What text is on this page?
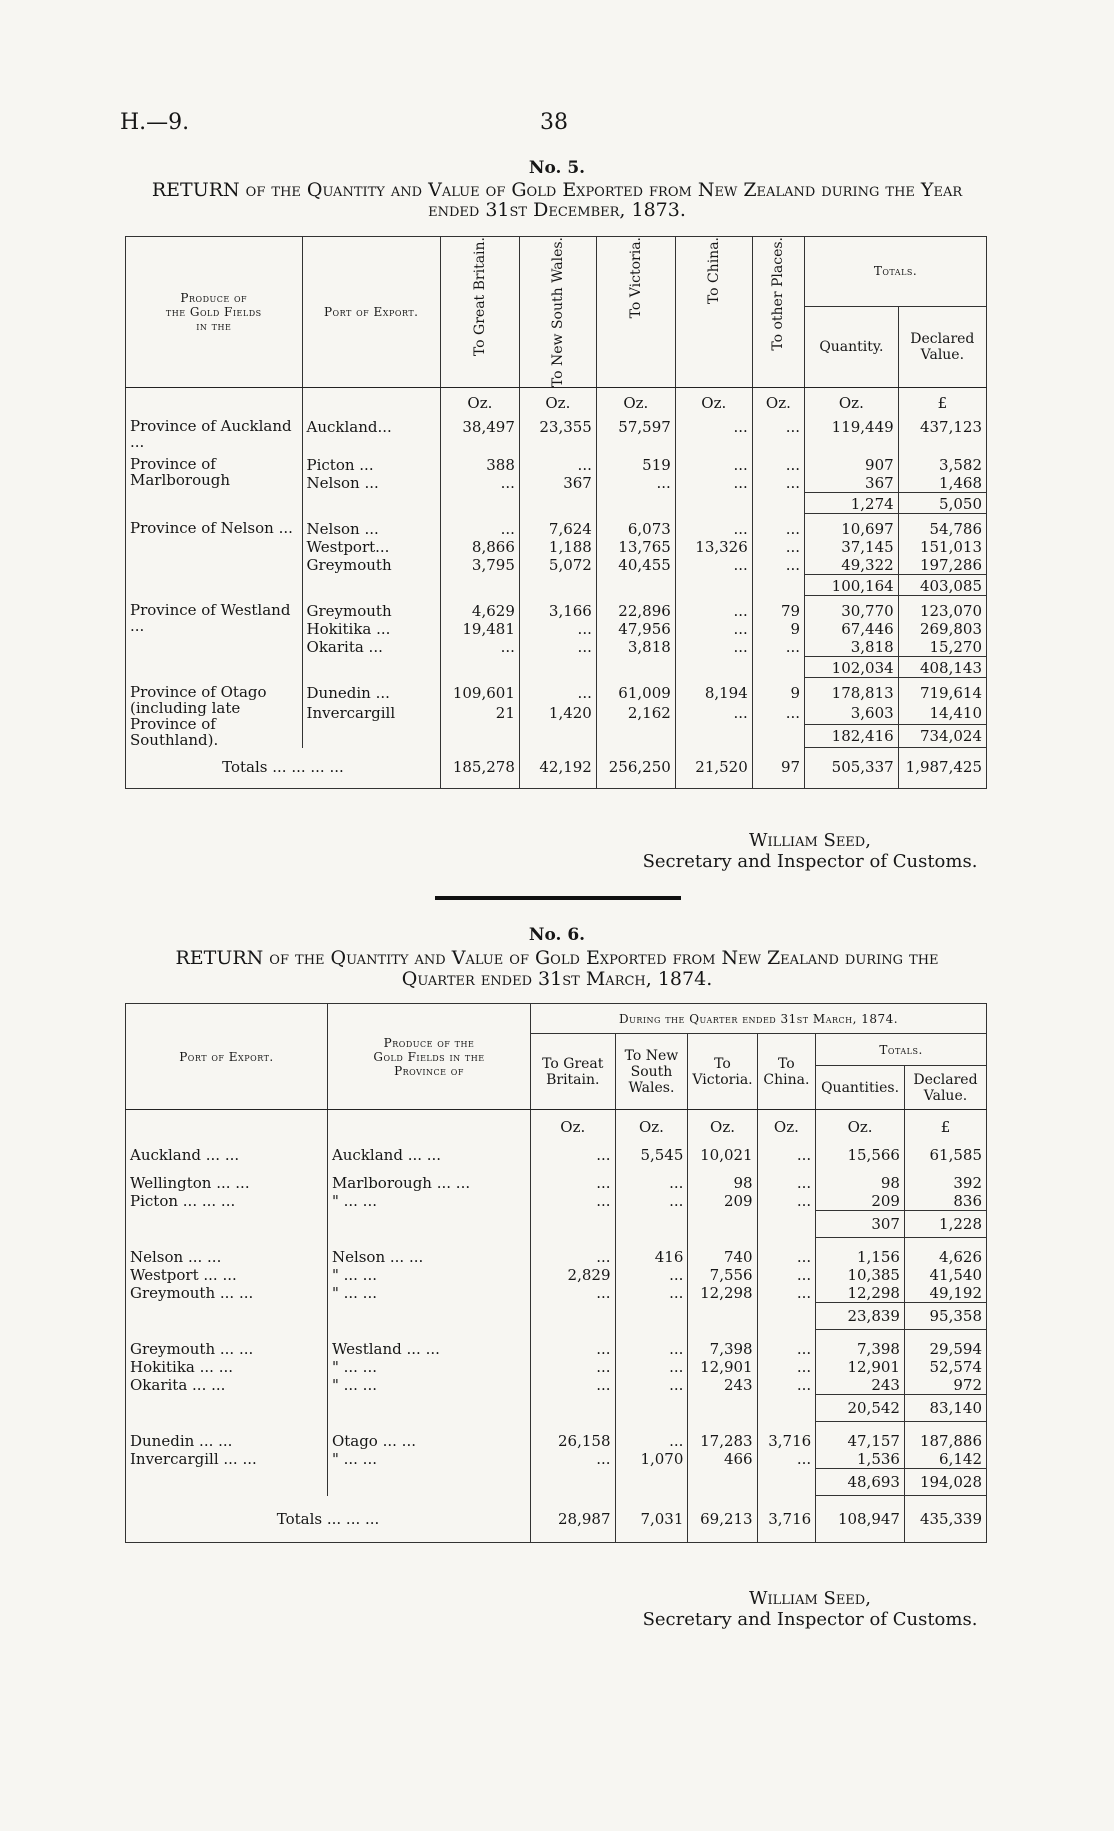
H.—9.	38
No. 5.
RETURN of the Quantity and Value of Gold Exported from New Zealand during the Year
ended 31st December, 1873.
Produce of
the Gold Fields
in the	Port of Export.	To Great Britain.	To New South Wales.	To Victoria.	To China.	To other Places.	Totals.	
							Quantity.	Declared Value.
		Oz.	Oz.	Oz.	Oz.	Oz.	Oz.	£
Province of Auckland ...	Auckland...	38,497	23,355	57,597	...	...	119,449	437,123
Province of Marlborough	Picton ...	388	...	519	...	...	907	3,582
	Nelson ...	...	367	...	...	...	367	1,468
							1,274	5,050
Province of Nelson ...	Nelson ...	...	7,624	6,073	...	...	10,697	54,786
	Westport...	8,866	1,188	13,765	13,326	...	37,145	151,013
	Greymouth	3,795	5,072	40,455	...	...	49,322	197,286
							100,164	403,085
Province of Westland ...	Greymouth	4,629	3,166	22,896	...	79	30,770	123,070
	Hokitika ...	19,481	...	47,956	...	9	67,446	269,803
	Okarita ...	...	...	3,818	...	...	3,818	15,270
							102,034	408,143
Province of Otago (including late Province of Southland).	Dunedin ...	109,601	...	61,009	8,194	9	178,813	719,614
	Invercargill	21	1,420	2,162	...	...	3,603	14,410
							182,416	734,024
Totals ... ... ... ...		185,278	42,192	256,250	21,520	97	505,337	1,987,425
William Seed,
Secretary and Inspector of Customs.
No. 6.
RETURN of the Quantity and Value of Gold Exported from New Zealand during the
Quarter ended 31st March, 1874.
Port of Export.	Produce of the
Gold Fields in the
Province of	During the Quarter ended 31st March, 1874.					
		To Great Britain.	To New South Wales.	To Victoria.	To China.	Totals.	
						Quantities.	Declared Value.
		Oz.	Oz.	Oz.	Oz.	Oz.	£
Auckland ... ...	Auckland ... ...	...	5,545	10,021	...	15,566	61,585
Wellington ... ...	Marlborough ... ...	...	...	98	...	98	392
Picton ... ... ...	" ... ...	...	...	209	...	209	836
						307	1,228
Nelson ... ...	Nelson ... ...	...	416	740	...	1,156	4,626
Westport ... ...	" ... ...	2,829	...	7,556	...	10,385	41,540
Greymouth ... ...	" ... ...	...	...	12,298	...	12,298	49,192
						23,839	95,358
Greymouth ... ...	Westland ... ...	...	...	7,398	...	7,398	29,594
Hokitika ... ...	" ... ...	...	...	12,901	...	12,901	52,574
Okarita ... ...	" ... ...	...	...	243	...	243	972
						20,542	83,140
Dunedin ... ...	Otago ... ...	26,158	...	17,283	3,716	47,157	187,886
Invercargill ... ...	" ... ...	...	1,070	466	...	1,536	6,142
						48,693	194,028
Totals ... ... ...		28,987	7,031	69,213	3,716	108,947	435,339
William Seed,
Secretary and Inspector of Customs.
